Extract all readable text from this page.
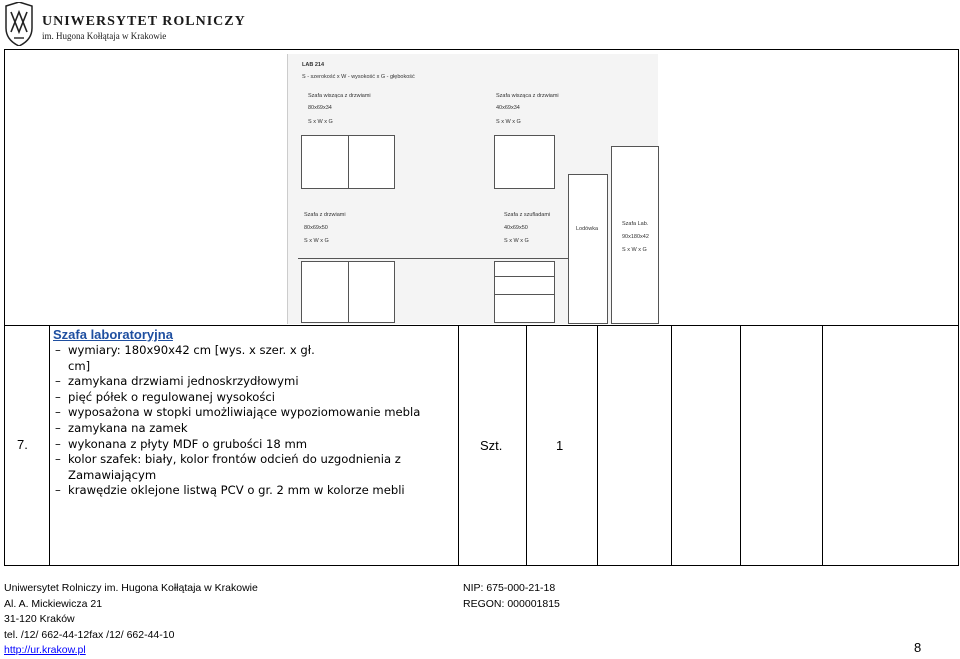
UNIWERSYTET ROLNICZY
im. Hugona Kołłątaja w Krakowie
LAB 214
S - szerokość x W - wysokość x G - głębokość
Szafa wisząca z drzwiami
80x69x34
S x W x G
Szafa wisząca z drzwiami
40x69x34
S x W x G
Szafa z drzwiami
80x69x50
S x W x G
Szafa z szufladami
40x69x50
S x W x G
Lodówka
Szafa Lab.
90x180x42
S x W x G
7.
Szafa laboratoryjna
– wymiary: 180x90x42 cm [wys. x szer. x gł.
cm]
– zamykana drzwiami jednoskrzydłowymi
– pięć półek o regulowanej wysokości
– wyposażona w stopki umożliwiające wypoziomowanie mebla
– zamykana na zamek
– wykonana z płyty MDF o grubości 18 mm
– kolor szafek: biały, kolor frontów odcień do uzgodnienia z
Zamawiającym
– krawędzie oklejone listwą PCV o gr. 2 mm w kolorze mebli
Szt.	1
Uniwersytet Rolniczy im. Hugona Kołłątaja w Krakowie
Al. A. Mickiewicza 21
31-120 Kraków
tel. /12/ 662-44-12fax /12/ 662-44-10
http://ur.krakow.pl
NIP: 675-000-21-18
REGON: 000001815
8
